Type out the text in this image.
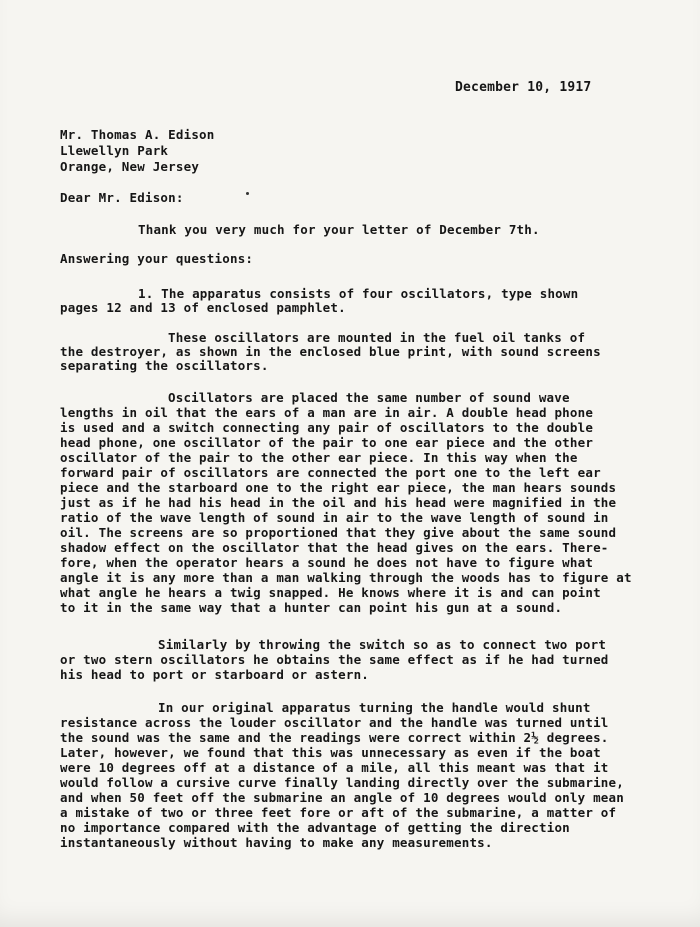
December 10, 1917
Mr. Thomas A. Edison
Llewellyn Park
Orange, New Jersey
Dear Mr. Edison:
Thank you very much for your letter of December 7th.
Answering your questions:
1. The apparatus consists of four oscillators, type shown
pages 12 and 13 of enclosed pamphlet.
These oscillators are mounted in the fuel oil tanks of
the destroyer, as shown in the enclosed blue print, with sound screens
separating the oscillators.
Oscillators are placed the same number of sound wave
lengths in oil that the ears of a man are in air. A double head phone
is used and a switch connecting any pair of oscillators to the double
head phone, one oscillator of the pair to one ear piece and the other
oscillator of the pair to the other ear piece. In this way when the
forward pair of oscillators are connected the port one to the left ear
piece and the starboard one to the right ear piece, the man hears sounds
just as if he had his head in the oil and his head were magnified in the
ratio of the wave length of sound in air to the wave length of sound in
oil. The screens are so proportioned that they give about the same sound
shadow effect on the oscillator that the head gives on the ears. There-
fore, when the operator hears a sound he does not have to figure what
angle it is any more than a man walking through the woods has to figure at
what angle he hears a twig snapped. He knows where it is and can point
to it in the same way that a hunter can point his gun at a sound.
Similarly by throwing the switch so as to connect two port
or two stern oscillators he obtains the same effect as if he had turned
his head to port or starboard or astern.
In our original apparatus turning the handle would shunt
resistance across the louder oscillator and the handle was turned until
the sound was the same and the readings were correct within 2½ degrees.
Later, however, we found that this was unnecessary as even if the boat
were 10 degrees off at a distance of a mile, all this meant was that it
would follow a cursive curve finally landing directly over the submarine,
and when 50 feet off the submarine an angle of 10 degrees would only mean
a mistake of two or three feet fore or aft of the submarine, a matter of
no importance compared with the advantage of getting the direction
instantaneously without having to make any measurements.
